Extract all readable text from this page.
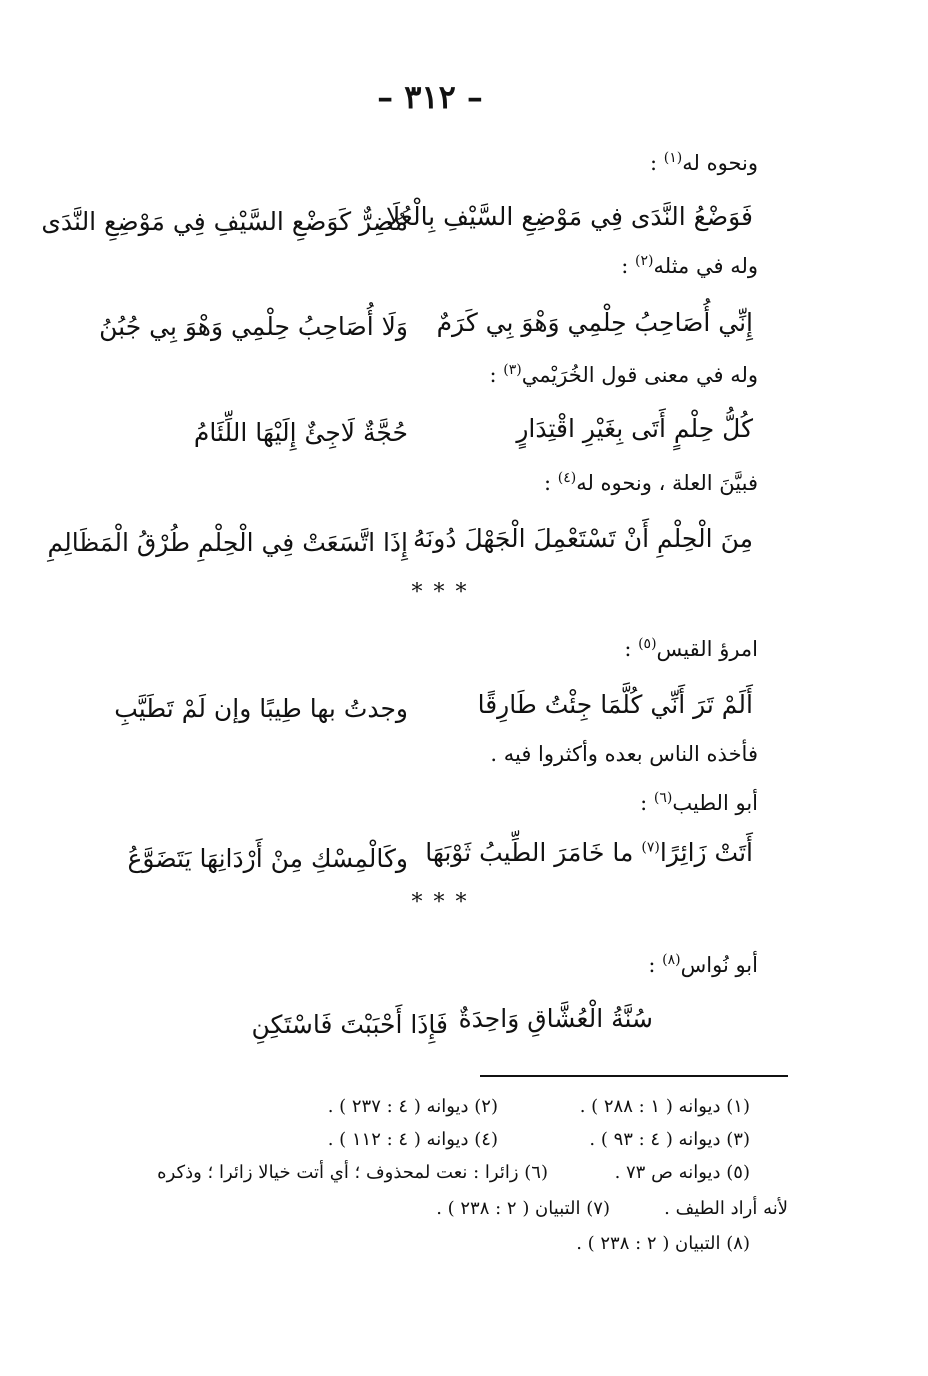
– ٣١٢ –
ونحوه له$^{(١)}$ :
فَوَضْعُ النَّدَى فِي مَوْضِعِ السَّيْفِ بِالْعُلَا
مُضِرٌّ كَوَضْعِ السَّيْفِ فِي مَوْضِعِ النَّدَى
وله في مثله$^{(٢)}$ :
إِنِّي أُصَاحِبُ حِلْمِي وَهْوَ بِي كَرَمٌ
وَلَا أُصَاحِبُ حِلْمِي وَهْوَ بِي جُبُنُ
وله في معنى قول الخُرَيْمي$^{(٣)}$ :
كُلُّ حِلْمٍ أَتَى بِغَيْرِ اقْتِدَارٍ
حُجَّةٌ لَاجِئٌ إِلَيْهَا اللِّئَامُ
فبيَّنَ العلة ، ونحوه له$^{(٤)}$ :
مِنَ الْحِلْمِ أَنْ تَسْتَعْمِلَ الْجَهْلَ دُونَهُ
إِذَا اتَّسَعَتْ فِي الْحِلْمِ طُرْقُ الْمَظَالِمِ
* * *
امرؤ القيس$^{(٥)}$ :
أَلَمْ تَرَ أَنِّي كُلَّمَا جِئْتُ طَارِقًا
وجدتُ بها طِيبًا وإن لَمْ تَطَيَّبِ
فأخذه الناس بعده وأكثروا فيه .
أبو الطيب$^{(٦)}$ :
أَتَتْ زَائِرًا$^{(٧)}$ ما خَامَرَ الطِّيبُ ثَوْبَهَا
وكَالْمِسْكِ مِنْ أَرْدَانِهَا يَتَضَوَّعُ
* * *
أبو نُواس$^{(٨)}$ :
سُنَّةُ الْعُشَّاقِ وَاحِدَةٌ
فَإِذَا أَحْبَبْتَ فَاسْتَكِنِ
(١) ديوانه ( ١ : ٢٨٨ ) .
(٢) ديوانه ( ٤ : ٢٣٧ ) .
(٣) ديوانه ( ٤ : ٩٣ ) .
(٤) ديوانه ( ٤ : ١١٢ ) .
(٥) ديوانه ص ٧٣ .
(٦) زائرا : نعت لمحذوف ؛ أي أتت خيالا زائرا ؛ وذكره
لأنه أراد الطيف .
(٧) التبيان ( ٢ : ٢٣٨ ) .
(٨) التبيان ( ٢ : ٢٣٨ ) .
